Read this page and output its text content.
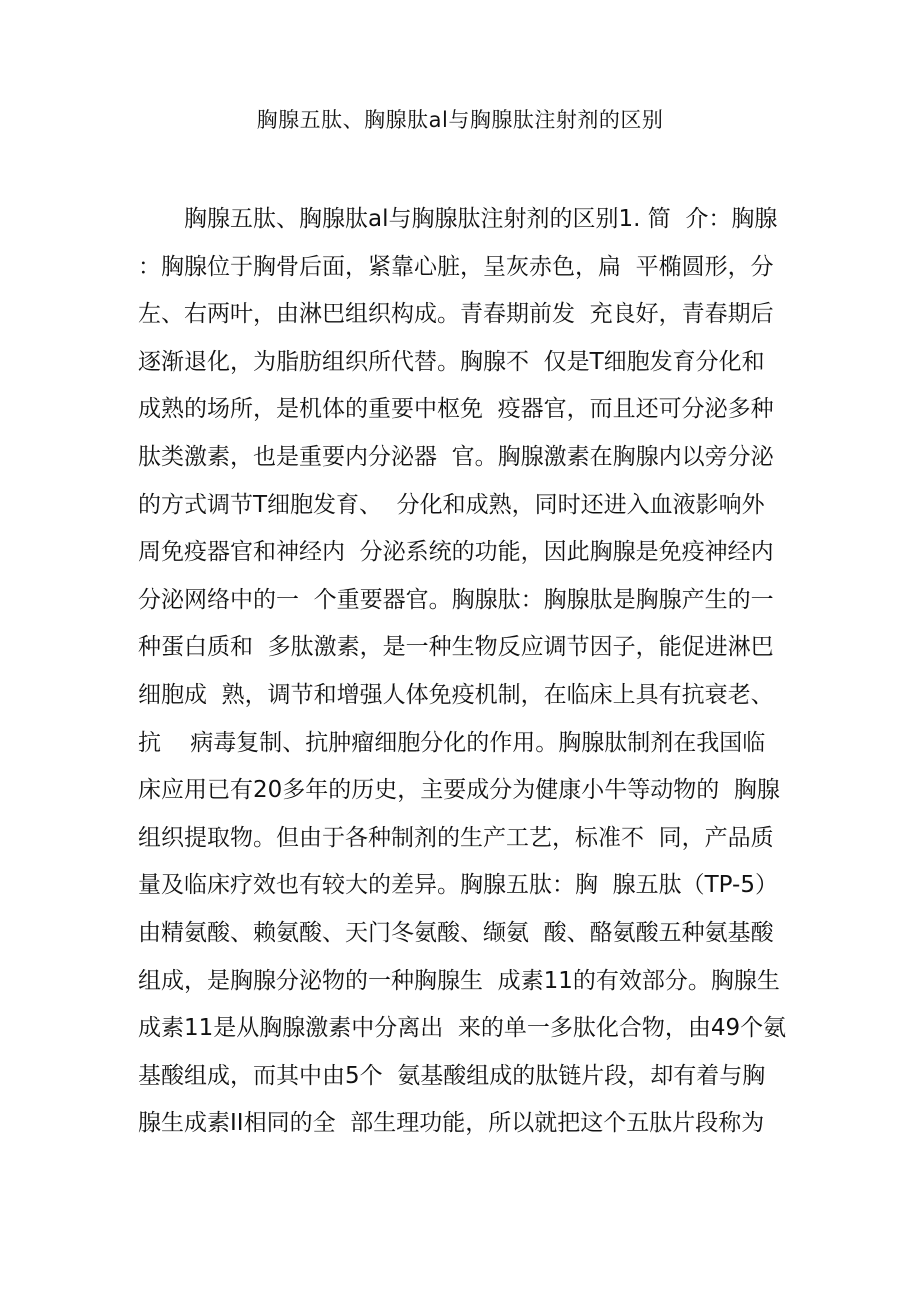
胸腺五肽、胸腺肽al与胸腺肽注射剂的区别
胸腺五肽、胸腺肽al与胸腺肽注射剂的区别1. 简  介：胸腺
：胸腺位于胸骨后面，紧靠心脏，呈灰赤色，扁  平椭圆形，分
左、右两叶，由淋巴组织构成。青春期前发  充良好，青春期后
逐渐退化，为脂肪组织所代替。胸腺不  仅是T细胞发育分化和
成熟的场所，是机体的重要中枢免  疫器官，而且还可分泌多种
肽类激素，也是重要内分泌器  官。胸腺激素在胸腺内以旁分泌
的方式调节T细胞发育、  分化和成熟，同时还进入血液影响外
周免疫器官和神经内  分泌系统的功能，因此胸腺是免疫神经内
分泌网络中的一  个重要器官。胸腺肽：胸腺肽是胸腺产生的一
种蛋白质和  多肽激素，是一种生物反应调节因子，能促进淋巴
细胞成  熟，调节和增强人体免疫机制，在临床上具有抗衰老、
抗    病毒复制、抗肿瘤细胞分化的作用。胸腺肽制剂在我国临
床应用已有20多年的历史，主要成分为健康小牛等动物的  胸腺
组织提取物。但由于各种制剂的生产工艺，标准不  同，产品质
量及临床疗效也有较大的差异。胸腺五肽：胸  腺五肽（TP-5）
由精氨酸、赖氨酸、天门冬氨酸、缬氨  酸、酪氨酸五种氨基酸
组成，是胸腺分泌物的一种胸腺生  成素11的有效部分。胸腺生
成素11是从胸腺激素中分离出  来的单一多肽化合物，由49个氨
基酸组成，而其中由5个  氨基酸组成的肽链片段，却有着与胸
腺生成素II相同的全  部生理功能，所以就把这个五肽片段称为
